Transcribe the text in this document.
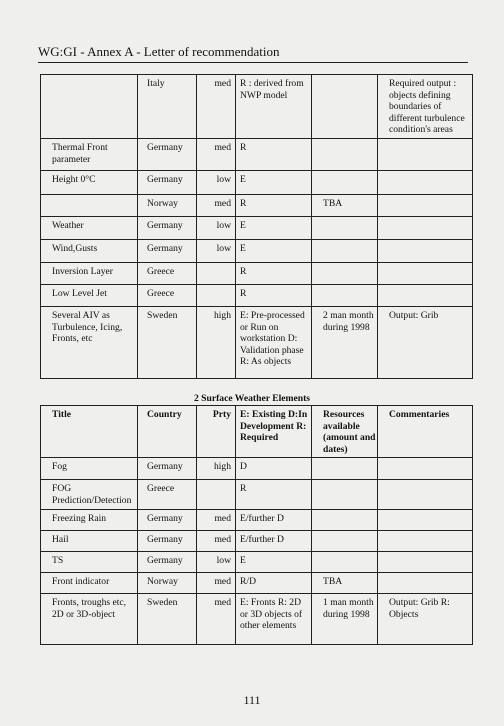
WG:GI - Annex A - Letter of recommendation
	Italy	med	R : derived from NWP model		Required output : objects defining boundaries of different turbulence condition's areas
Thermal Front parameter	Germany	med	R		
Height 0°C	Germany	low	E		
	Norway	med	R	TBA	
Weather	Germany	low	E		
Wind,Gusts	Germany	low	E		
Inversion Layer	Greece		R		
Low Level Jet	Greece		R		
Several AIV as Turbulence, Icing, Fronts, etc	Sweden	high	E: Pre-processed or Run on workstation D: Validation phase R: As objects	2 man month during 1998	Output: Grib
2 Surface Weather Elements
Title	Country	Prty	E: Existing D:In Development R: Required	Resources available (amount and dates)	Commentaries
Fog	Germany	high	D		
FOG Prediction/Detection	Greece		R		
Freezing Rain	Germany	med	E/further D		
Hail	Germany	med	E/further D		
TS	Germany	low	E		
Front indicator	Norway	med	R/D	TBA	
Fronts, troughs etc, 2D or 3D-object	Sweden	med	E: Fronts R: 2D or 3D objects of other elements	1 man month during 1998	Output: Grib R: Objects
111
